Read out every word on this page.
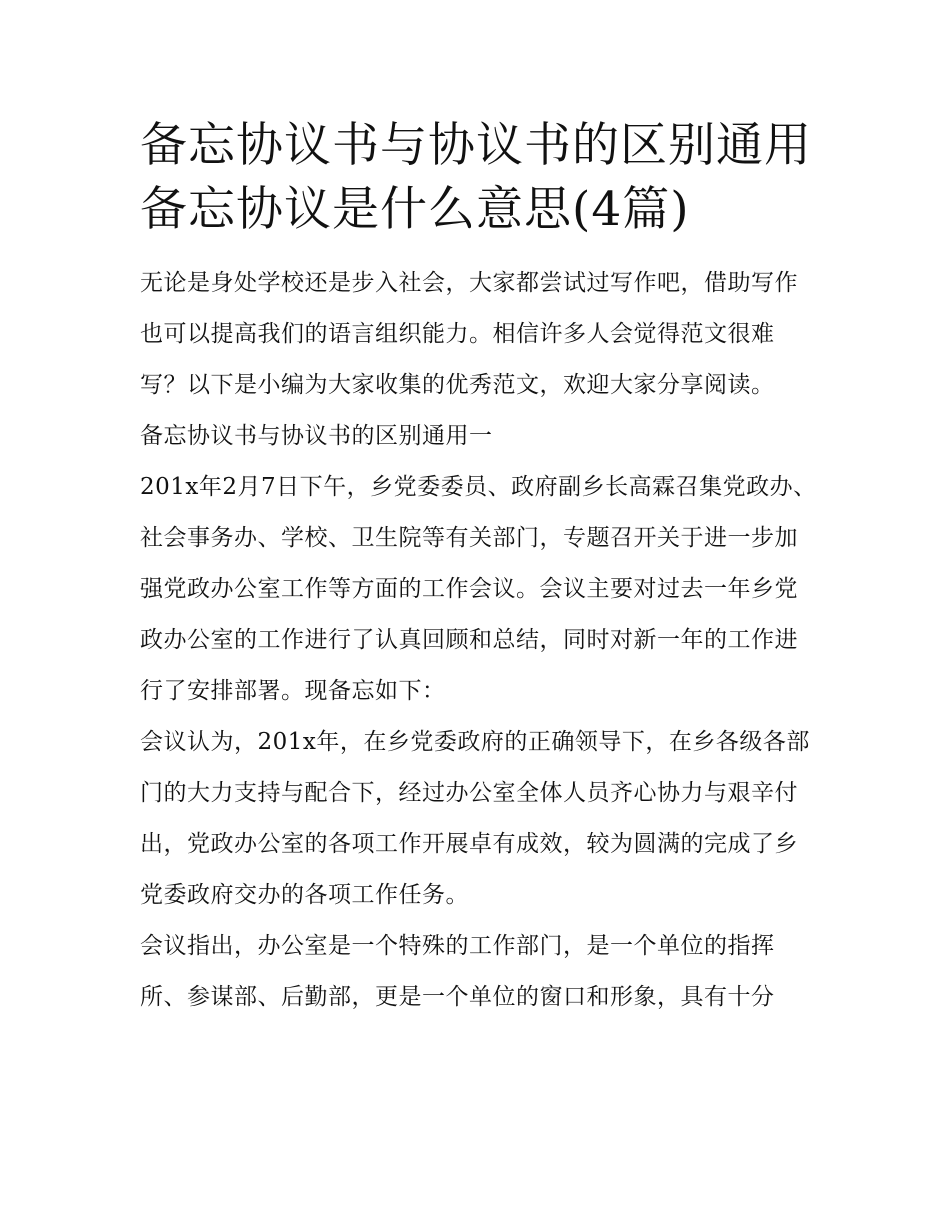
备忘协议书与协议书的区别通用 备忘协议是什么意思(4篇)

无论是身处学校还是步入社会，大家都尝试过写作吧，借助写作也可以提高我们的语言组织能力。相信许多人会觉得范文很难写？以下是小编为大家收集的优秀范文，欢迎大家分享阅读。

备忘协议书与协议书的区别通用一

201x年2月7日下午，乡党委委员、政府副乡长高霖召集党政办、社会事务办、学校、卫生院等有关部门，专题召开关于进一步加强党政办公室工作等方面的工作会议。会议主要对过去一年乡党政办公室的工作进行了认真回顾和总结，同时对新一年的工作进行了安排部署。现备忘如下：

会议认为，201x年，在乡党委政府的正确领导下，在乡各级各部门的大力支持与配合下，经过办公室全体人员齐心协力与艰辛付出，党政办公室的各项工作开展卓有成效，较为圆满的完成了乡党委政府交办的各项工作任务。

会议指出，办公室是一个特殊的工作部门，是一个单位的指挥所、参谋部、后勤部，更是一个单位的窗口和形象，具有十分
